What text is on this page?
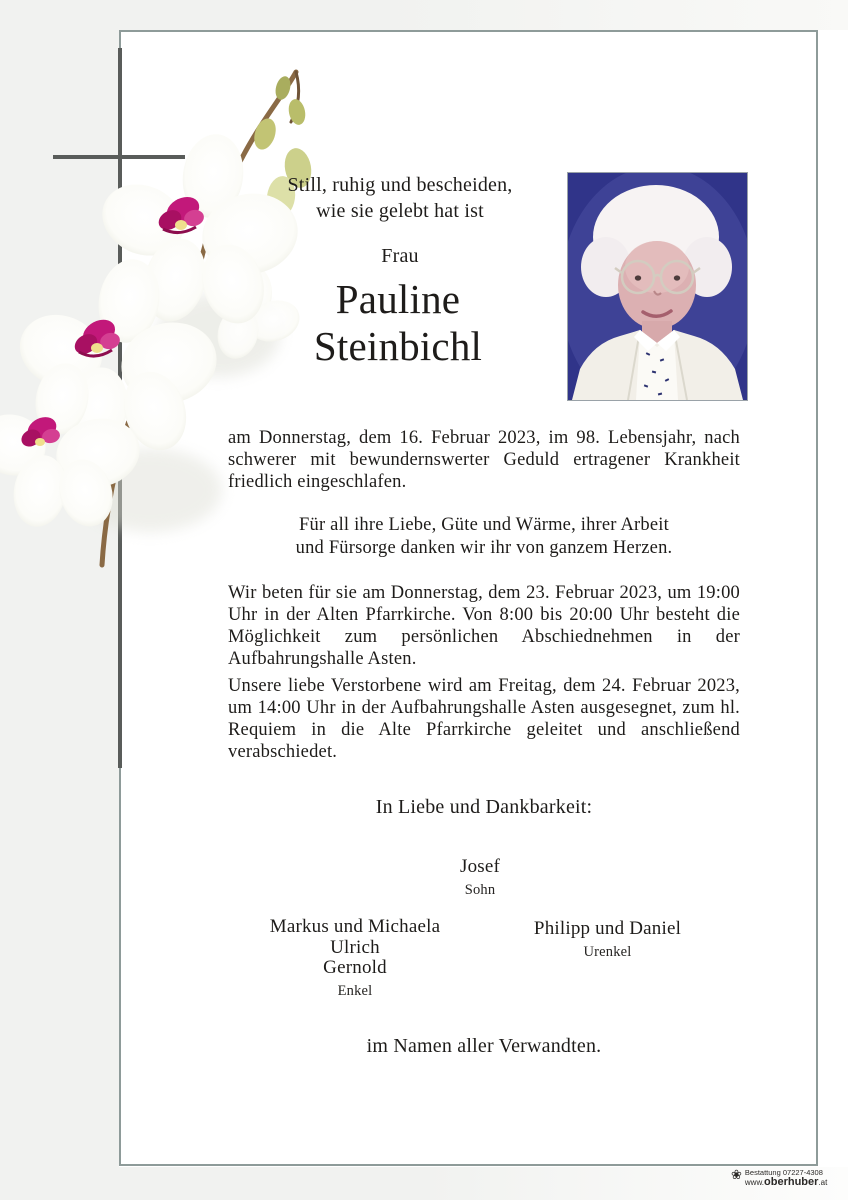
Still, ruhig und bescheiden,
wie sie gelebt hat ist
Frau
Pauline
Steinbichl
am Donnerstag, dem 16. Februar 2023, im 98. Lebensjahr, nach schwerer mit bewundernswerter Geduld ertragener Krankheit friedlich eingeschlafen.
Für all ihre Liebe, Güte und Wärme, ihrer Arbeit
und Fürsorge danken wir ihr von ganzem Herzen.
Wir beten für sie am Donnerstag, dem 23. Februar 2023, um 19:00 Uhr in der Alten Pfarrkirche. Von 8:00 bis 20:00 Uhr besteht die Möglichkeit zum persönlichen Abschiednehmen in der Aufbahrungshalle Asten.
Unsere liebe Verstorbene wird am Freitag, dem 24. Februar 2023, um 14:00 Uhr in der Aufbahrungshalle Asten ausgesegnet, zum hl. Requiem in die Alte Pfarrkirche geleitet und anschließend verabschiedet.
In Liebe und Dankbarkeit:
Josef
Sohn
Markus und Michaela
Ulrich
Gernold
Enkel
Philipp und Daniel
Urenkel
im Namen aller Verwandten.
❀ Bestattung 07227-4308
www.oberhuber.at
